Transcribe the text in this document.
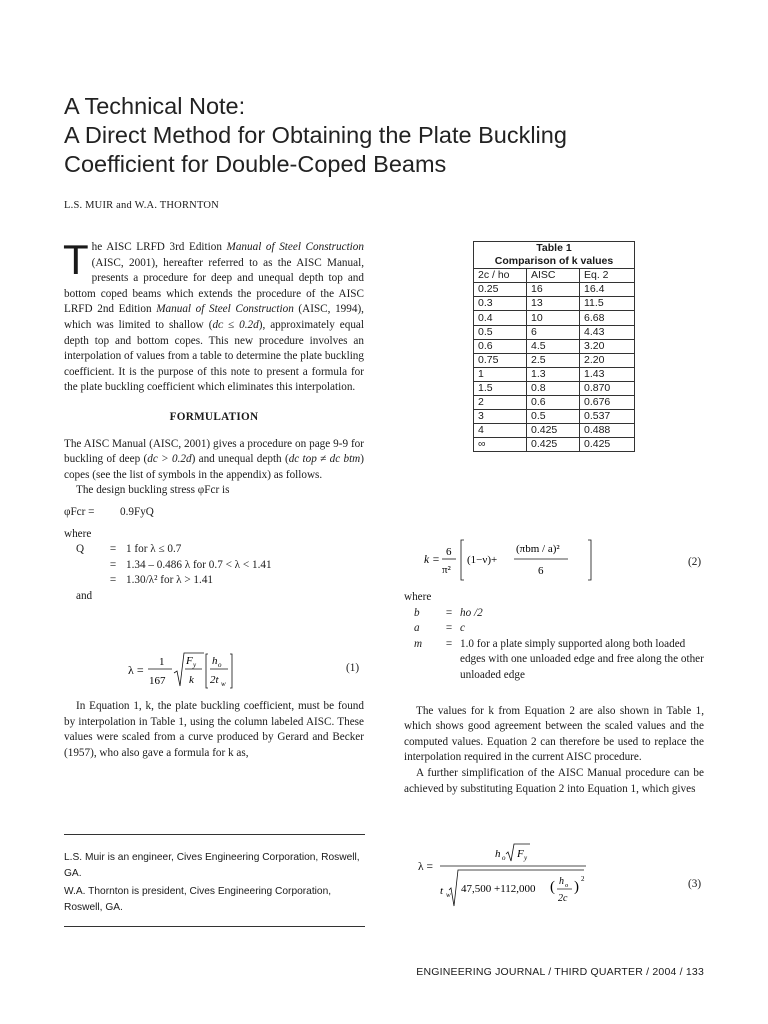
A Technical Note:
A Direct Method for Obtaining the Plate Buckling
Coefficient for Double-Coped Beams
L.S. MUIR and W.A. THORNTON

The AISC LRFD 3rd Edition Manual of Steel Construction (AISC, 2001), hereafter referred to as the AISC Manual, presents a procedure for deep and unequal depth top and bottom coped beams which extends the procedure of the AISC LRFD 2nd Edition Manual of Steel Construction (AISC, 1994), which was limited to shallow (dᴄ ≤ 0.2d), approximately equal depth top and bottom copes. This new procedure involves an interpolation of values from a table to determine the plate buckling coefficient. It is the purpose of this note to present a formula for the plate buckling coefficient which eliminates this interpolation.

FORMULATION

The AISC Manual (AISC, 2001) gives a procedure on page 9-9 for buckling of deep (dc > 0.2d) and unequal depth (dc top ≠ dc btm) copes (see the list of symbols in the appendix) as follows.

The design buckling stress φFcr is

φFcr =	0.9FyQ

where

Q	= 1 for λ ≤ 0.7
= 1.34 – 0.486 λ for 0.7 < λ < 1.41
= 1.30/λ² for λ > 1.41

and

λ =
1
167
F y
k
h o
2t w
(1)

In Equation 1, k, the plate buckling coefficient, must be found by interpolation in Table 1, using the column labeled AISC. These values were scaled from a curve produced by Gerard and Becker (1957), who also gave a formula for k as,

Table 1		
Comparison of k values		
2c / ho	AISC	Eq. 2
0.25	16	16.4
0.3	13	11.5
0.4	10	6.68
0.5	6	4.43
0.6	4.5	3.20
0.75	2.5	2.20
1	1.3	1.43
1.5	0.8	0.870
2	0.6	0.676
3	0.5	0.537
4	0.425	0.488
∞	0.425	0.425
k =
6
π²
(1−ν)+
(πbm / a)²
6
(2)

where

b	= ho /2
a	= c
m	= 1.0 for a plate simply supported along both loaded edges with one unloaded edge and free along the other unloaded edge

The values for k from Equation 2 are also shown in Table 1, which shows good agreement between the scaled values and the computed values. Equation 2 can therefore be used to replace the interpolation required in the current AISC procedure.

A further simplification of the AISC Manual procedure can be achieved by substituting Equation 2 into Equation 1, which gives

λ =
h o F y
t w 47,500 +112,000 ( h o
2c
) 2	(3)

L.S. Muir is an engineer, Cives Engineering Corporation, Roswell, GA.

W.A. Thornton is president, Cives Engineering Corporation, Roswell, GA.

ENGINEERING JOURNAL / THIRD QUARTER / 2004 / 133
